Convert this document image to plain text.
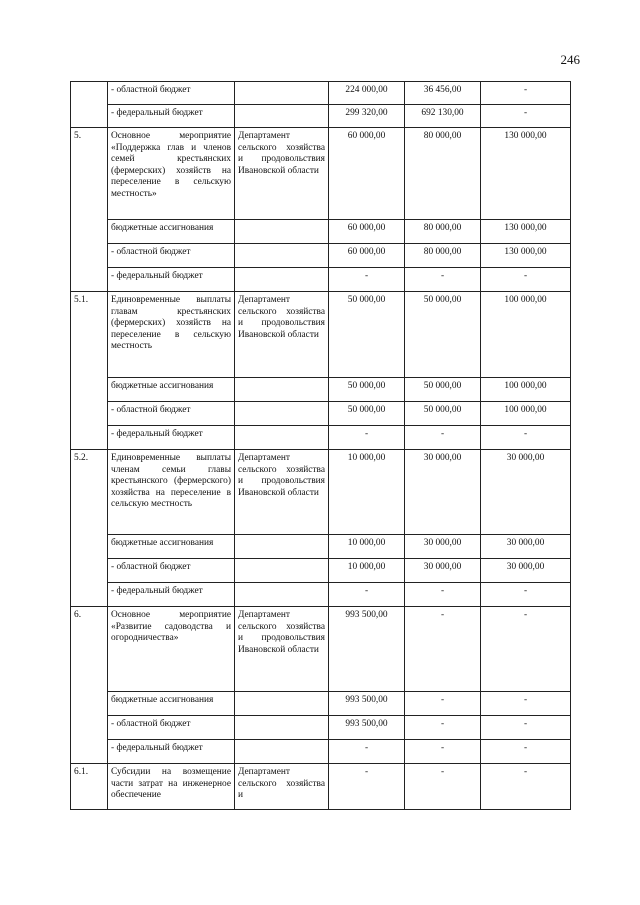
246
	- областной бюджет		224 000,00	36 456,00	-
	- федеральный бюджет		299 320,00	692 130,00	-
5.	Основное мероприятие «Поддержка глав и членов семей крестьянских (фермерских) хозяйств на переселение в сельскую местность»	Департамент сельского хозяйства и продовольствия Ивановской области	60 000,00	80 000,00	130 000,00
	бюджетные ассигнования		60 000,00	80 000,00	130 000,00
	- областной бюджет		60 000,00	80 000,00	130 000,00
	- федеральный бюджет		-	-	-
5.1.	Единовременные выплаты главам крестьянских (фермерских) хозяйств на переселение в сельскую местность	Департамент сельского хозяйства и продовольствия Ивановской области	50 000,00	50 000,00	100 000,00
	бюджетные ассигнования		50 000,00	50 000,00	100 000,00
	- областной бюджет		50 000,00	50 000,00	100 000,00
	- федеральный бюджет		-	-	-
5.2.	Единовременные выплаты членам семьи главы крестьянского (фермерского) хозяйства на переселение в сельскую местность	Департамент сельского хозяйства и продовольствия Ивановской области	10 000,00	30 000,00	30 000,00
	бюджетные ассигнования		10 000,00	30 000,00	30 000,00
	- областной бюджет		10 000,00	30 000,00	30 000,00
	- федеральный бюджет		-	-	-
6.	Основное мероприятие «Развитие садоводства и огородничества»	Департамент сельского хозяйства и продовольствия Ивановской области	993 500,00	-	-
	бюджетные ассигнования		993 500,00	-	-
	- областной бюджет		993 500,00	-	-
	- федеральный бюджет		-	-	-
6.1.	Субсидии на возмещение части затрат на инженерное обеспечение	Департамент сельского хозяйства и	-	-	-
